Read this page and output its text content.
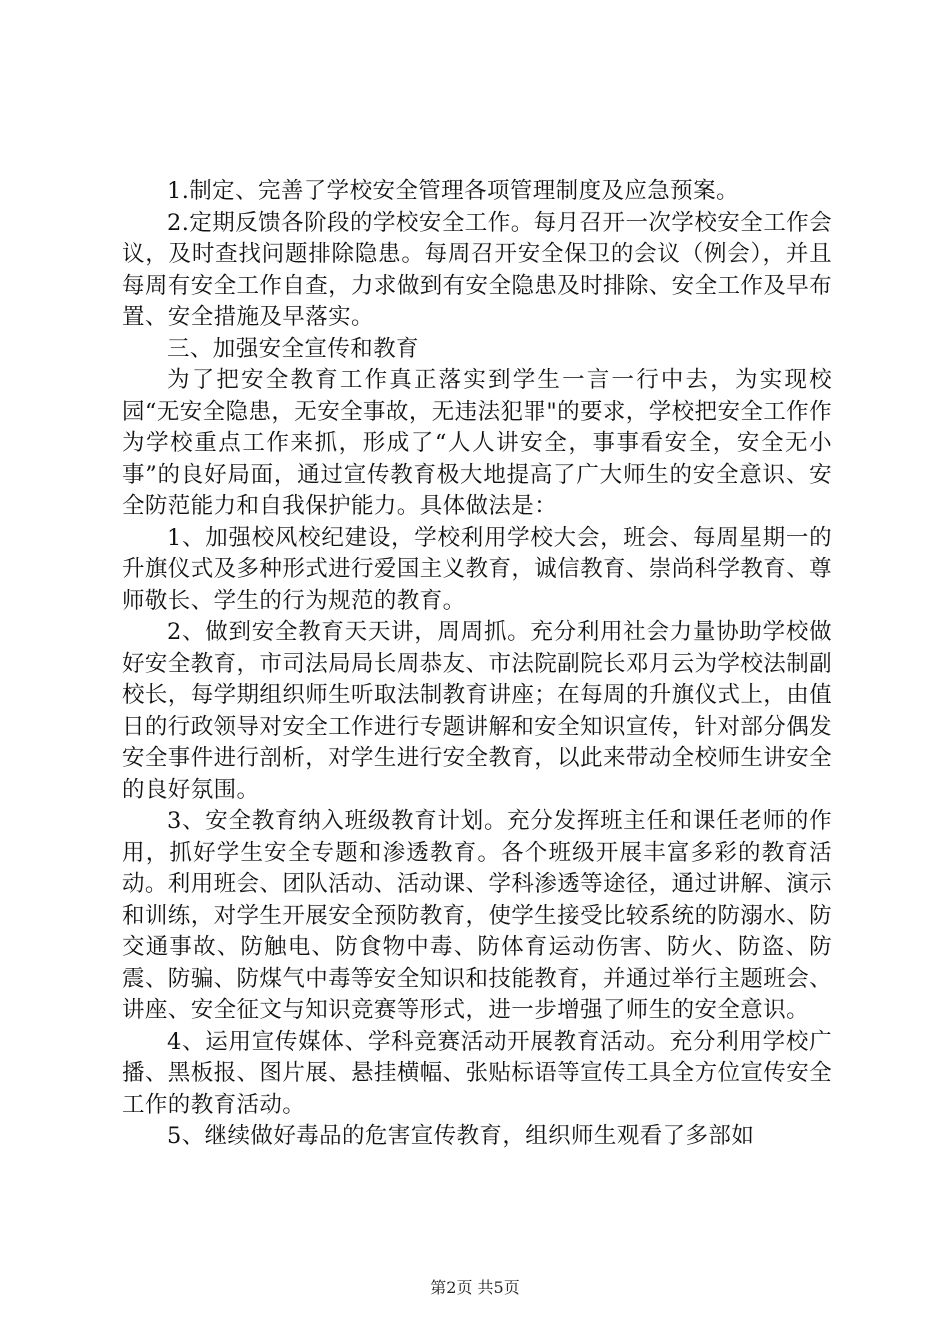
1.制定、完善了学校安全管理各项管理制度及应急预案。

2.定期反馈各阶段的学校安全工作。每月召开一次学校安全工作会议，及时查找问题排除隐患。每周召开安全保卫的会议（例会），并且每周有安全工作自查，力求做到有安全隐患及时排除、安全工作及早布置、安全措施及早落实。

三、加强安全宣传和教育

为了把安全教育工作真正落实到学生一言一行中去，为实现校园“无安全隐患，无安全事故，无违法犯罪"的要求，学校把安全工作作为学校重点工作来抓，形成了“人人讲安全，事事看安全，安全无小事”的良好局面，通过宣传教育极大地提高了广大师生的安全意识、安全防范能力和自我保护能力。具体做法是：

1、加强校风校纪建设，学校利用学校大会，班会、每周星期一的升旗仪式及多种形式进行爱国主义教育，诚信教育、崇尚科学教育、尊师敬长、学生的行为规范的教育。

2、做到安全教育天天讲，周周抓。充分利用社会力量协助学校做好安全教育，市司法局局长周恭友、市法院副院长邓月云为学校法制副校长，每学期组织师生听取法制教育讲座；在每周的升旗仪式上，由值日的行政领导对安全工作进行专题讲解和安全知识宣传，针对部分偶发安全事件进行剖析，对学生进行安全教育，以此来带动全校师生讲安全的良好氛围。

3、安全教育纳入班级教育计划。充分发挥班主任和课任老师的作用，抓好学生安全专题和渗透教育。各个班级开展丰富多彩的教育活动。利用班会、团队活动、活动课、学科渗透等途径，通过讲解、演示和训练，对学生开展安全预防教育，使学生接受比较系统的防溺水、防交通事故、防触电、防食物中毒、防体育运动伤害、防火、防盗、防震、防骗、防煤气中毒等安全知识和技能教育，并通过举行主题班会、讲座、安全征文与知识竞赛等形式，进一步增强了师生的安全意识。

4、运用宣传媒体、学科竞赛活动开展教育活动。充分利用学校广播、黑板报、图片展、悬挂横幅、张贴标语等宣传工具全方位宣传安全工作的教育活动。

5、继续做好毒品的危害宣传教育，组织师生观看了多部如

第2页 共5页
